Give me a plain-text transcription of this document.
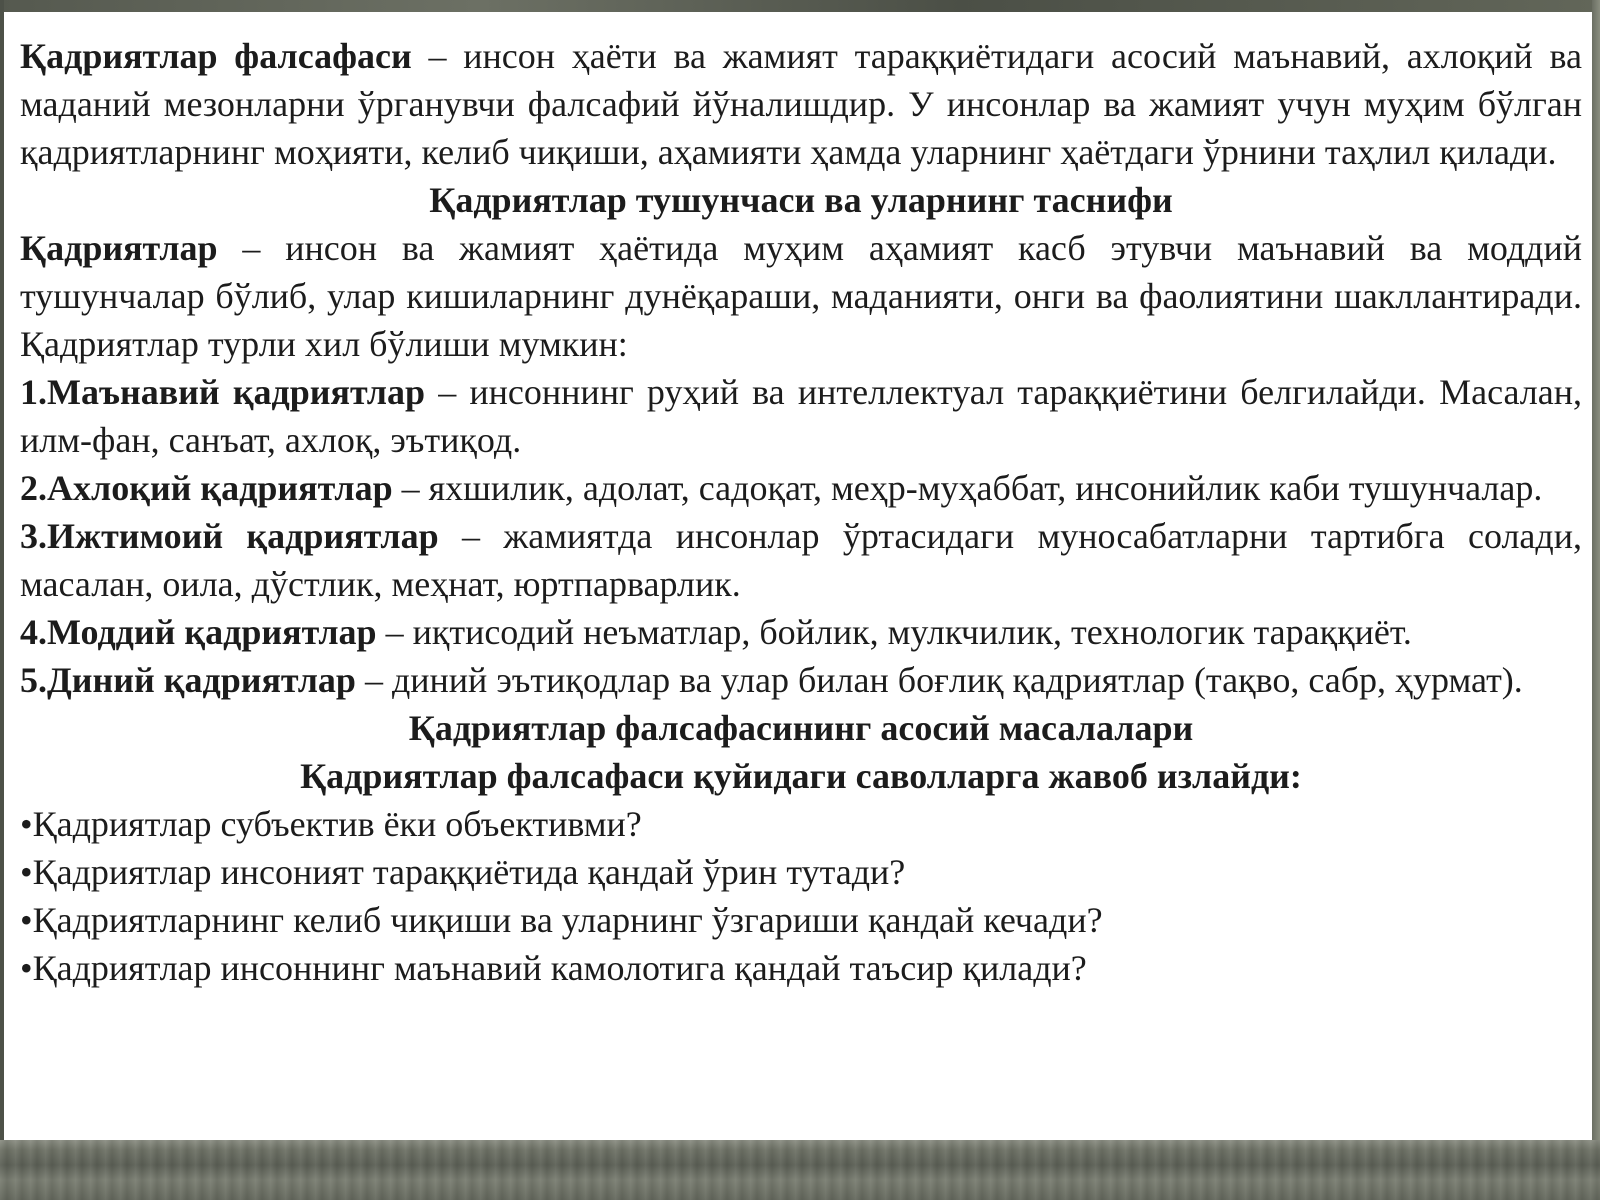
Қадриятлар фалсафаси – инсон ҳаёти ва жамият тараққиётидаги асосий маънавий, ахлоқий ва маданий мезонларни ўрганувчи фалсафий йўналишдир. У инсонлар ва жамият учун муҳим бўлган қадриятларнинг моҳияти, келиб чиқиши, аҳамияти ҳамда уларнинг ҳаётдаги ўрнини таҳлил қилади.

Қадриятлар тушунчаси ва уларнинг таснифи

Қадриятлар – инсон ва жамият ҳаётида муҳим аҳамият касб этувчи маънавий ва моддий тушунчалар бўлиб, улар кишиларнинг дунёқараши, маданияти, онги ва фаолиятини шакллантиради. Қадриятлар турли хил бўлиши мумкин:

1.Маънавий қадриятлар – инсоннинг руҳий ва интеллектуал тараққиётини белгилайди. Масалан, илм-фан, санъат, ахлоқ, эътиқод.

2.Ахлоқий қадриятлар – яхшилик, адолат, садоқат, меҳр-муҳаббат, инсонийлик каби тушунчалар.

3.Ижтимоий қадриятлар – жамиятда инсонлар ўртасидаги муносабатларни тартибга солади, масалан, оила, дўстлик, меҳнат, юртпарварлик.

4.Моддий қадриятлар – иқтисодий неъматлар, бойлик, мулкчилик, технологик тараққиёт.

5.Диний қадриятлар – диний эътиқодлар ва улар билан боғлиқ қадриятлар (тақво, сабр, ҳурмат).

Қадриятлар фалсафасининг асосий масалалари

Қадриятлар фалсафаси қуйидаги саволларга жавоб излайди:

•Қадриятлар субъектив ёки объективми?

•Қадриятлар инсоният тараққиётида қандай ўрин тутади?

•Қадриятларнинг келиб чиқиши ва уларнинг ўзгариши қандай кечади?

•Қадриятлар инсоннинг маънавий камолотига қандай таъсир қилади?
